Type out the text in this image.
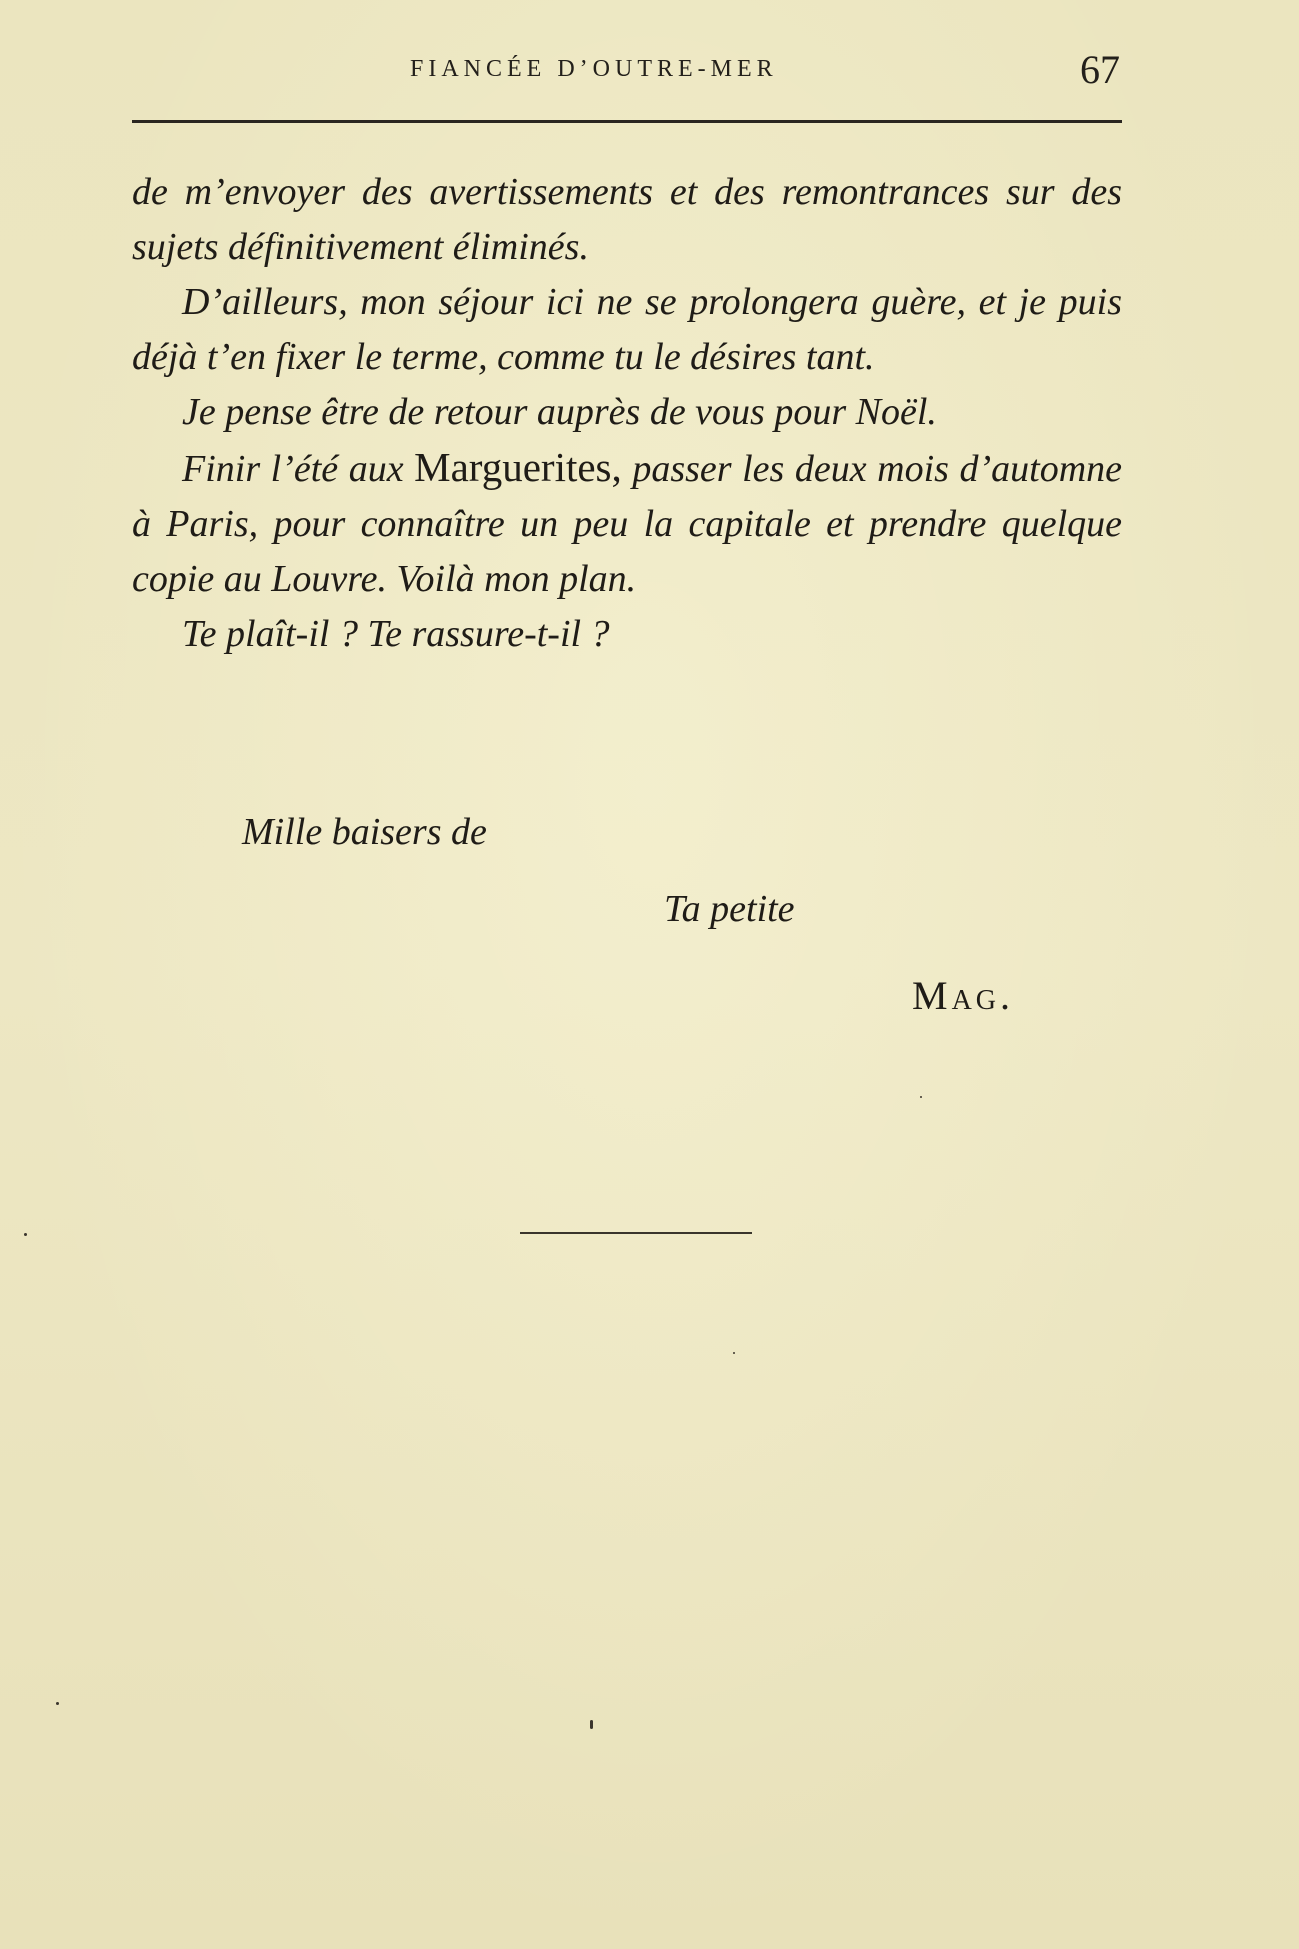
FIANCÉE D’OUTRE-MER	67

de m’envoyer des avertissements et des remontrances sur des sujets définitivement éliminés.

D’ailleurs, mon séjour ici ne se prolongera guère, et je puis déjà t’en fixer le terme, comme tu le désires tant.

Je pense être de retour auprès de vous pour Noël.

Finir l’été aux Marguerites, passer les deux mois d’automne à Paris, pour connaître un peu la capitale et prendre quelque copie au Louvre. Voilà mon plan.

Te plaît-il ? Te rassure-t-il ?

Mille baisers de
Ta petite
Mag.
